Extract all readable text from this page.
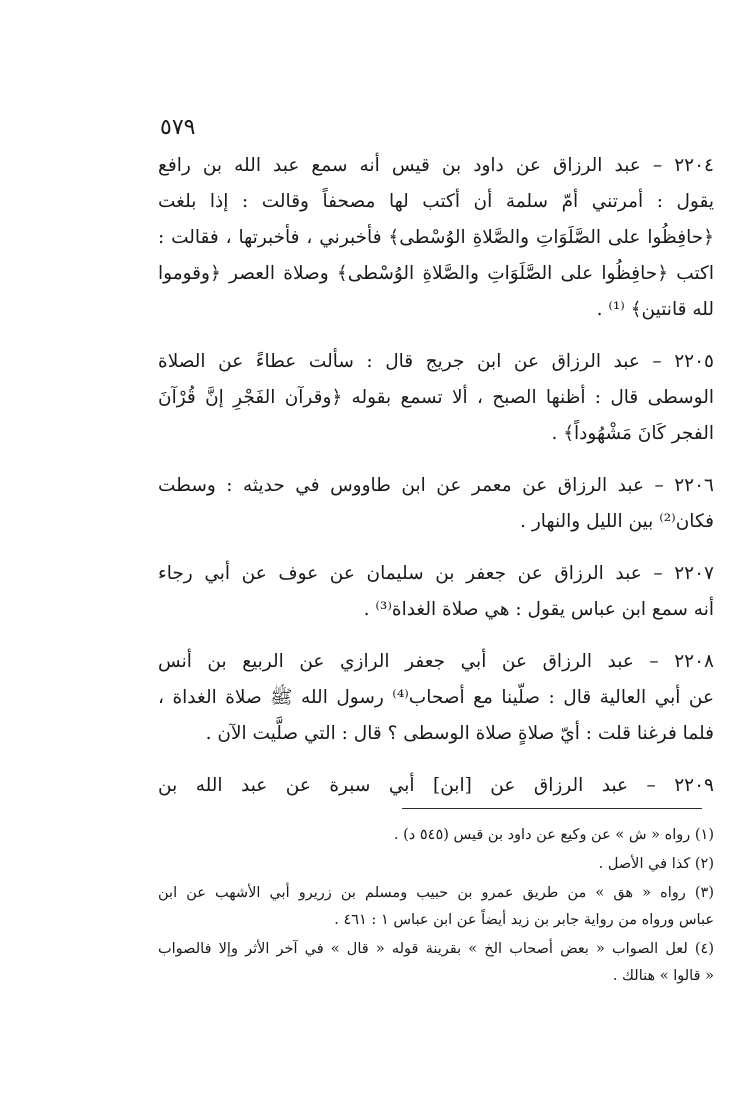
٥٧٩
٢٢٠٤ – عبد الرزاق عن داود بن قيس أنه سمع عبد الله بن رافع
يقول : أمرتني أمّ سلمة أن أكتب لها مصحفاً وقالت : إذا بلغت
﴿حافِظُوا على الصَّلَوَاتِ والصَّلاةِ الوُسْطى﴾ فأخبرني ، فأخبرتها ، فقالت :
اكتب ﴿حافِظُوا على الصَّلَوَاتِ والصَّلاةِ الوُسْطى﴾ وصلاة العصر ﴿وقوموا
لله قانتين﴾ ⁽¹⁾ .
٢٢٠٥ – عبد الرزاق عن ابن جريج قال : سألت عطاءً عن الصلاة
الوسطى قال : أظنها الصبح ، ألا تسمع بقوله ﴿وقرآن الفَجْرِ إنَّ قُرْآنَ
الفجر كَانَ مَشْهُوداً﴾ .
٢٢٠٦ – عبد الرزاق عن معمر عن ابن طاووس في حديثه : وسطت
فكان⁽²⁾ بين الليل والنهار .
٢٢٠٧ – عبد الرزاق عن جعفر بن سليمان عن عوف عن أبي رجاء
أنه سمع ابن عباس يقول : هي صلاة الغداة⁽³⁾ .
٢٢٠٨ – عبد الرزاق عن أبي جعفر الرازي عن الربيع بن أنس
عن أبي العالية قال : صلّينا مع أصحاب⁽⁴⁾ رسول الله ﷺ صلاة الغداة ،
فلما فرغنا قلت : أيّ صلاةٍ صلاة الوسطى ؟ قال : التي صلَّيت الآن .
٢٢٠٩ – عبد الرزاق عن [ابن] أبي سبرة عن عبد الله بن
(١) رواه « ش » عن وكيع عن داود بن قيس (٥٤٥ د) .
(٢) كذا في الأصل .
(٣) رواه « هق » من طريق عمرو بن حبيب ومسلم بن زريرو أبي الأشهب عن ابن
عباس ورواه من رواية جابر بن زيد أيضاً عن ابن عباس ١ : ٤٦١ .
(٤) لعل الصواب « بعض أصحاب الخ » بقرينة قوله « قال » في آخر الأثر وإلا فالصواب
« قالوا » هنالك .
